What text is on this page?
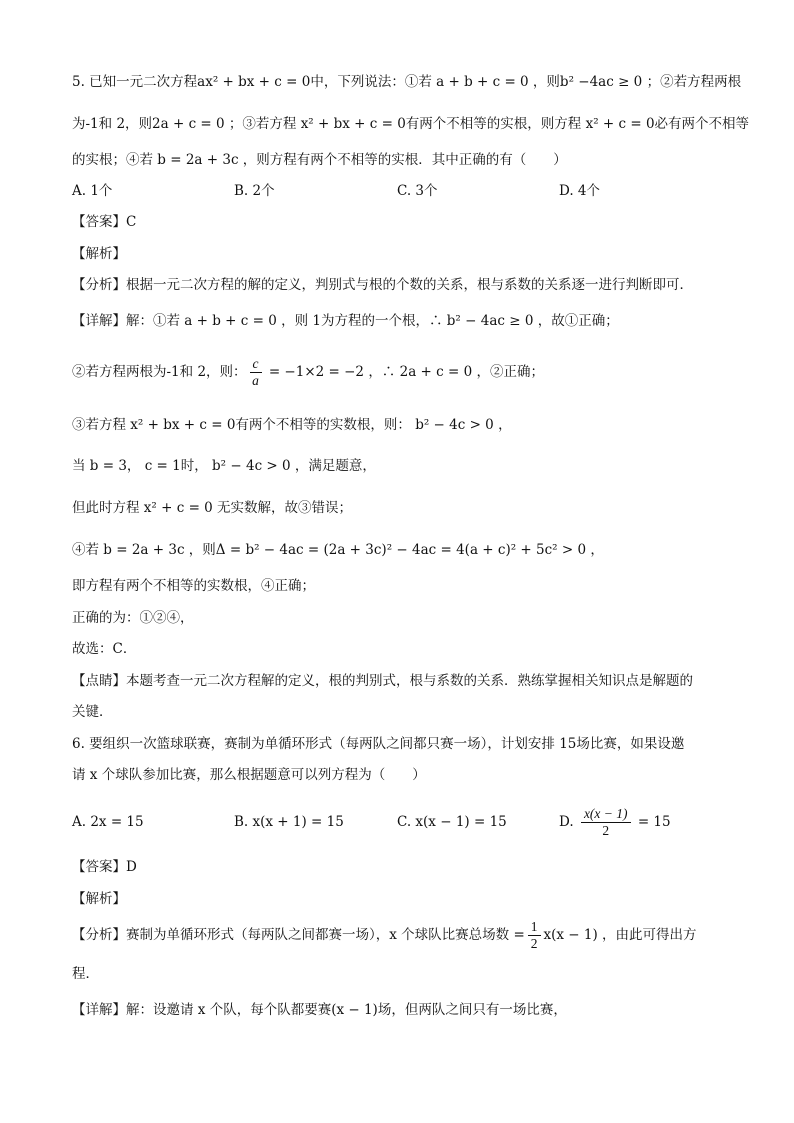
5. 已知一元二次方程ax² + bx + c = 0中，下列说法：①若 a + b + c = 0 ，则b² −4ac ≥ 0 ；②若方程两根
为-1和 2，则2a + c = 0 ；③若方程 x² + bx + c = 0有两个不相等的实根，则方程 x² + c = 0必有两个不相等
的实根；④若 b = 2a + 3c ，则方程有两个不相等的实根．其中正确的有（　　）
A. 1个	B. 2个	C. 3个	D. 4个
【答案】C
【解析】
【分析】根据一元二次方程的解的定义，判别式与根的个数的关系，根与系数的关系逐一进行判断即可．
【详解】解：①若 a + b + c = 0 ，则 1为方程的一个根，∴ b² − 4ac ≥ 0 ，故①正确；
②若方程两根为-1和 2，则： $\frac{c}{a} = -1\times 2 = -2$ ，∴ 2a + c = 0 ，②正确；
③若方程 x² + bx + c = 0有两个不相等的实数根，则： b² − 4c > 0 ，
当 b = 3， c = 1时， b² − 4c > 0 ，满足题意，
但此时方程 x² + c = 0 无实数解，故③错误；
④若 b = 2a + 3c ，则Δ = b² − 4ac = (2a + 3c)² − 4ac = 4(a + c)² + 5c² > 0 ，
即方程有两个不相等的实数根，④正确；
正确的为：①②④，
故选：C．
【点睛】本题考查一元二次方程解的定义，根的判别式，根与系数的关系．熟练掌握相关知识点是解题的
关键．
6. 要组织一次篮球联赛，赛制为单循环形式（每两队之间都只赛一场），计划安排 15场比赛，如果设邀
请 x 个球队参加比赛，那么根据题意可以列方程为（　　）
A. 2x = 15	B. x(x + 1) = 15	C. x(x − 1) = 15	D. $\frac{x(x - 1)}{2} = 15$
【答案】D
【解析】
【分析】赛制为单循环形式（每两队之间都赛一场），x 个球队比赛总场数 = $\frac{1}{2} x(x - 1)$ ，由此可得出方
程．
【详解】解：设邀请 x 个队，每个队都要赛(x − 1)场，但两队之间只有一场比赛，
